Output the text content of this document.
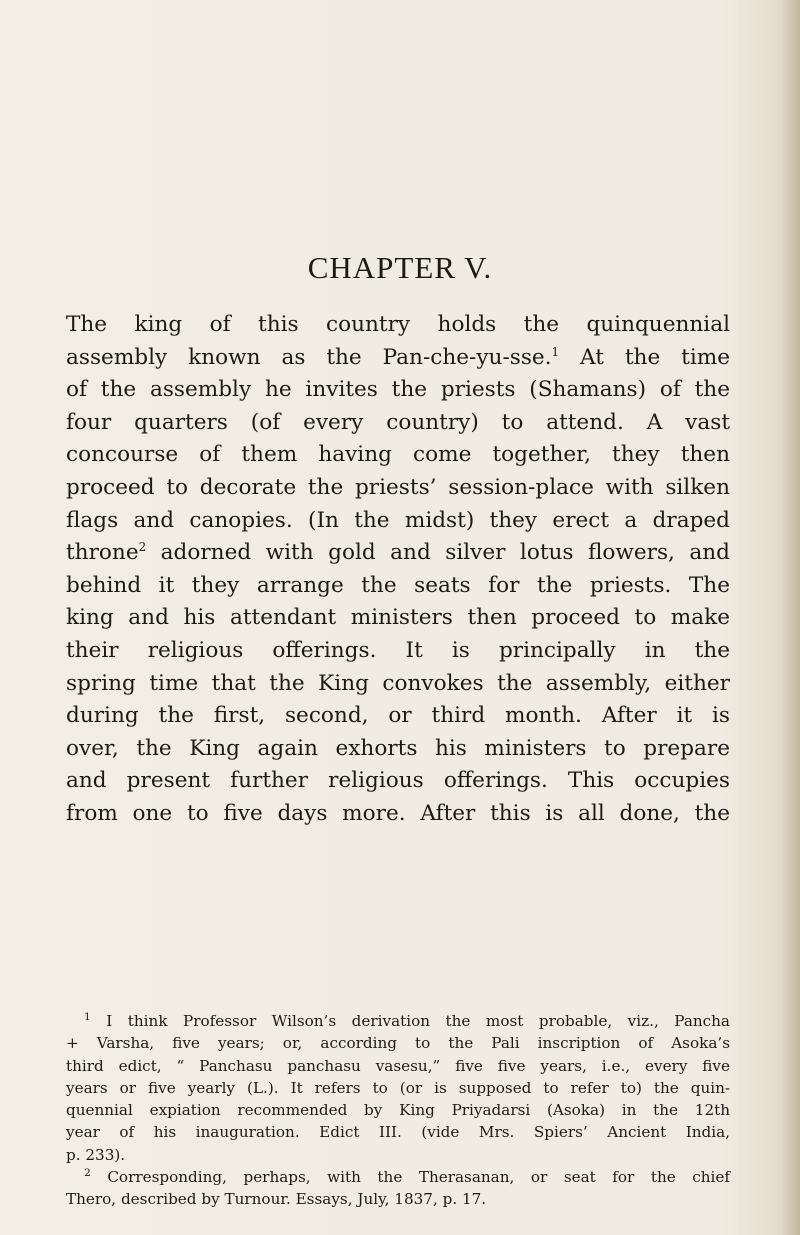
CHAPTER V.
The king of this country holds the quinquennial
assembly known as the Pan-che-yu-sse.$^1$ At the time
of the assembly he invites the priests (Shamans) of the
four quarters (of every country) to attend. A vast
concourse of them having come together, they then
proceed to decorate the priests’ session-place with silken
flags and canopies. (In the midst) they erect a draped
throne$^2$ adorned with gold and silver lotus flowers, and
behind it they arrange the seats for the priests. The
king and his attendant ministers then proceed to make
their religious offerings. It is principally in the
spring time that the King convokes the assembly, either
during the first, second, or third month. After it is
over, the King again exhorts his ministers to prepare
and present further religious offerings. This occupies
from one to five days more. After this is all done, the
$^1$ I think Professor Wilson’s derivation the most probable, viz., Pancha
+ Varsha, five years; or, according to the Pali inscription of Asoka’s
third edict, “ Panchasu panchasu vasesu,” five five years, i.e., every five
years or five yearly (L.). It refers to (or is supposed to refer to) the quin-
quennial expiation recommended by King Priyadarsi (Asoka) in the 12th
year of his inauguration. Edict III. (vide Mrs. Spiers’ Ancient India,
p. 233).
$^2$ Corresponding, perhaps, with the Therasanan, or seat for the chief
Thero, described by Turnour. Essays, July, 1837, p. 17.
